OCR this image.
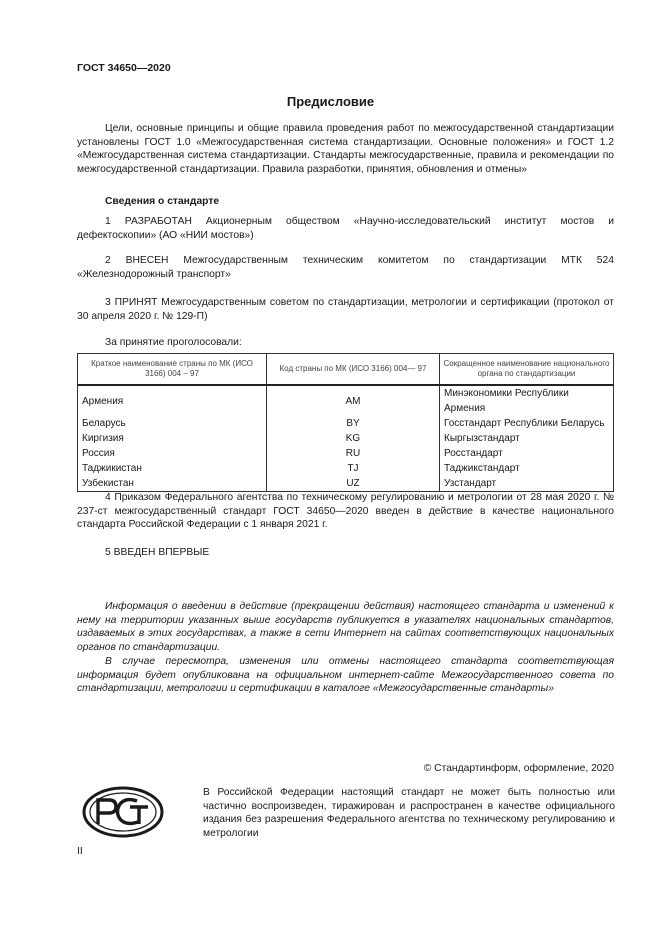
ГОСТ 34650—2020
Предисловие

Цели, основные принципы и общие правила проведения работ по межгосударственной стандартизации установлены ГОСТ 1.0 «Межгосударственная система стандартизации. Основные положения» и ГОСТ 1.2 «Межгосударственная система стандартизации. Стандарты межгосударственные, правила и рекомендации по межгосударственной стандартизации. Правила разработки, принятия, обновления и отмены»

Сведения о стандарте

1 РАЗРАБОТАН Акционерным обществом «Научно-исследовательский институт мостов и дефектоскопии» (АО «НИИ мостов»)

2 ВНЕСЕН Межгосударственным техническим комитетом по стандартизации МТК 524 «Железнодорожный транспорт»

3 ПРИНЯТ Межгосударственным советом по стандартизации, метрологии и сертификации (протокол от 30 апреля 2020 г. № 129-П)

За принятие проголосовали:

Краткое наименование страны по МК (ИСО 3166) 004 – 97	Код страны по МК (ИСО 3166) 004— 97	Сокращенное наименование национального органа по стандартизации
Армения	AM	Минэкономики Республики Армения
Беларусь	BY	Госстандарт Республики Беларусь
Киргизия	KG	Кыргызстандарт
Россия	RU	Росстандарт
Таджикистан	TJ	Таджикстандарт
Узбекистан	UZ	Узстандарт

4 Приказом Федерального агентства по техническому регулированию и метрологии от 28 мая 2020 г. № 237-ст межгосударственный стандарт ГОСТ 34650—2020 введен в действие в качестве национального стандарта Российской Федерации с 1 января 2021 г.

5 ВВЕДЕН ВПЕРВЫЕ

Информация о введении в действие (прекращении действия) настоящего стандарта и изменений к нему на территории указанных выше государств публикуется в указателях национальных стандартов, издаваемых в этих государствах, а также в сети Интернет на сайтах соответствующих национальных органов по стандартизации.

В случае пересмотра, изменения или отмены настоящего стандарта соответствующая информация будет опубликована на официальном интернет-сайте Межгосударственного совета по стандартизации, метрологии и сертификации в каталоге «Межгосударственные стандарты»

© Стандартинформ, оформление, 2020
В Российской Федерации настоящий стандарт не может быть полностью или частично воспроизведен, тиражирован и распространен в качестве официального издания без разрешения Федерального агентства по техническому регулированию и метрологии
II
